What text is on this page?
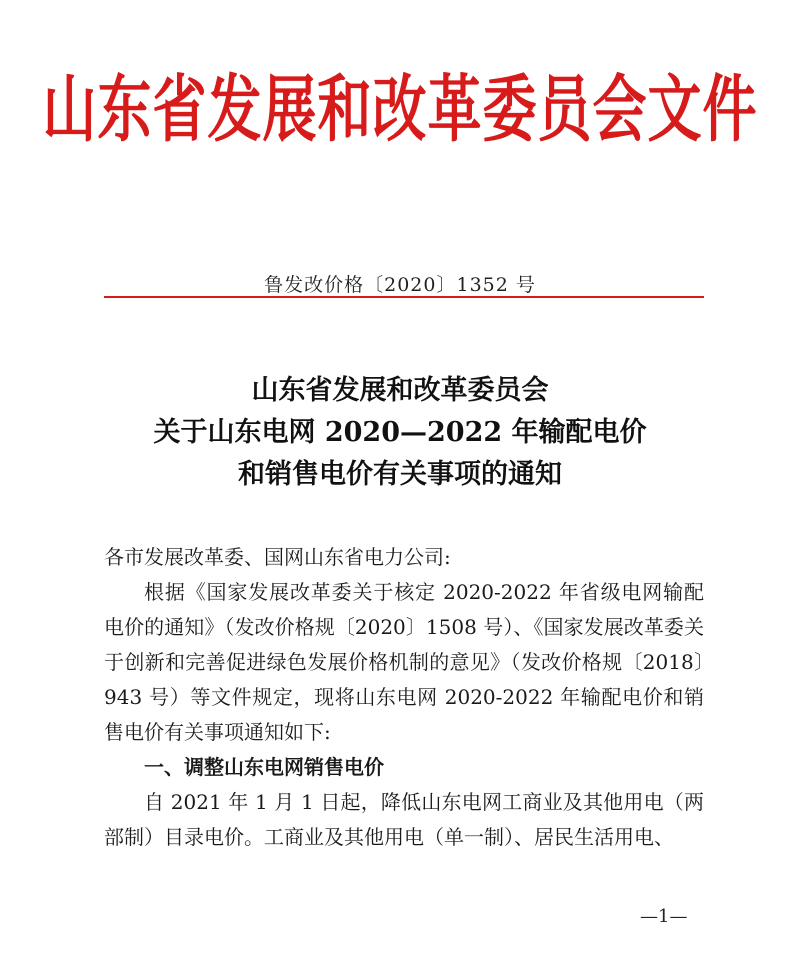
山东省发展和改革委员会文件
鲁发改价格〔2020〕1352 号
山东省发展和改革委员会
关于山东电网 2020—2022 年输配电价
和销售电价有关事项的通知
各市发展改革委、国网山东省电力公司:

根据《国家发展改革委关于核定 2020-2022 年省级电网输配电价的通知》（发改价格规〔2020〕1508 号）、《国家发展改革委关于创新和完善促进绿色发展价格机制的意见》（发改价格规〔2018〕943 号）等文件规定，现将山东电网 2020-2022 年输配电价和销售电价有关事项通知如下:

一、调整山东电网销售电价

自 2021 年 1 月 1 日起，降低山东电网工商业及其他用电（两部制）目录电价。工商业及其他用电（单一制）、居民生活用电、

—1—
